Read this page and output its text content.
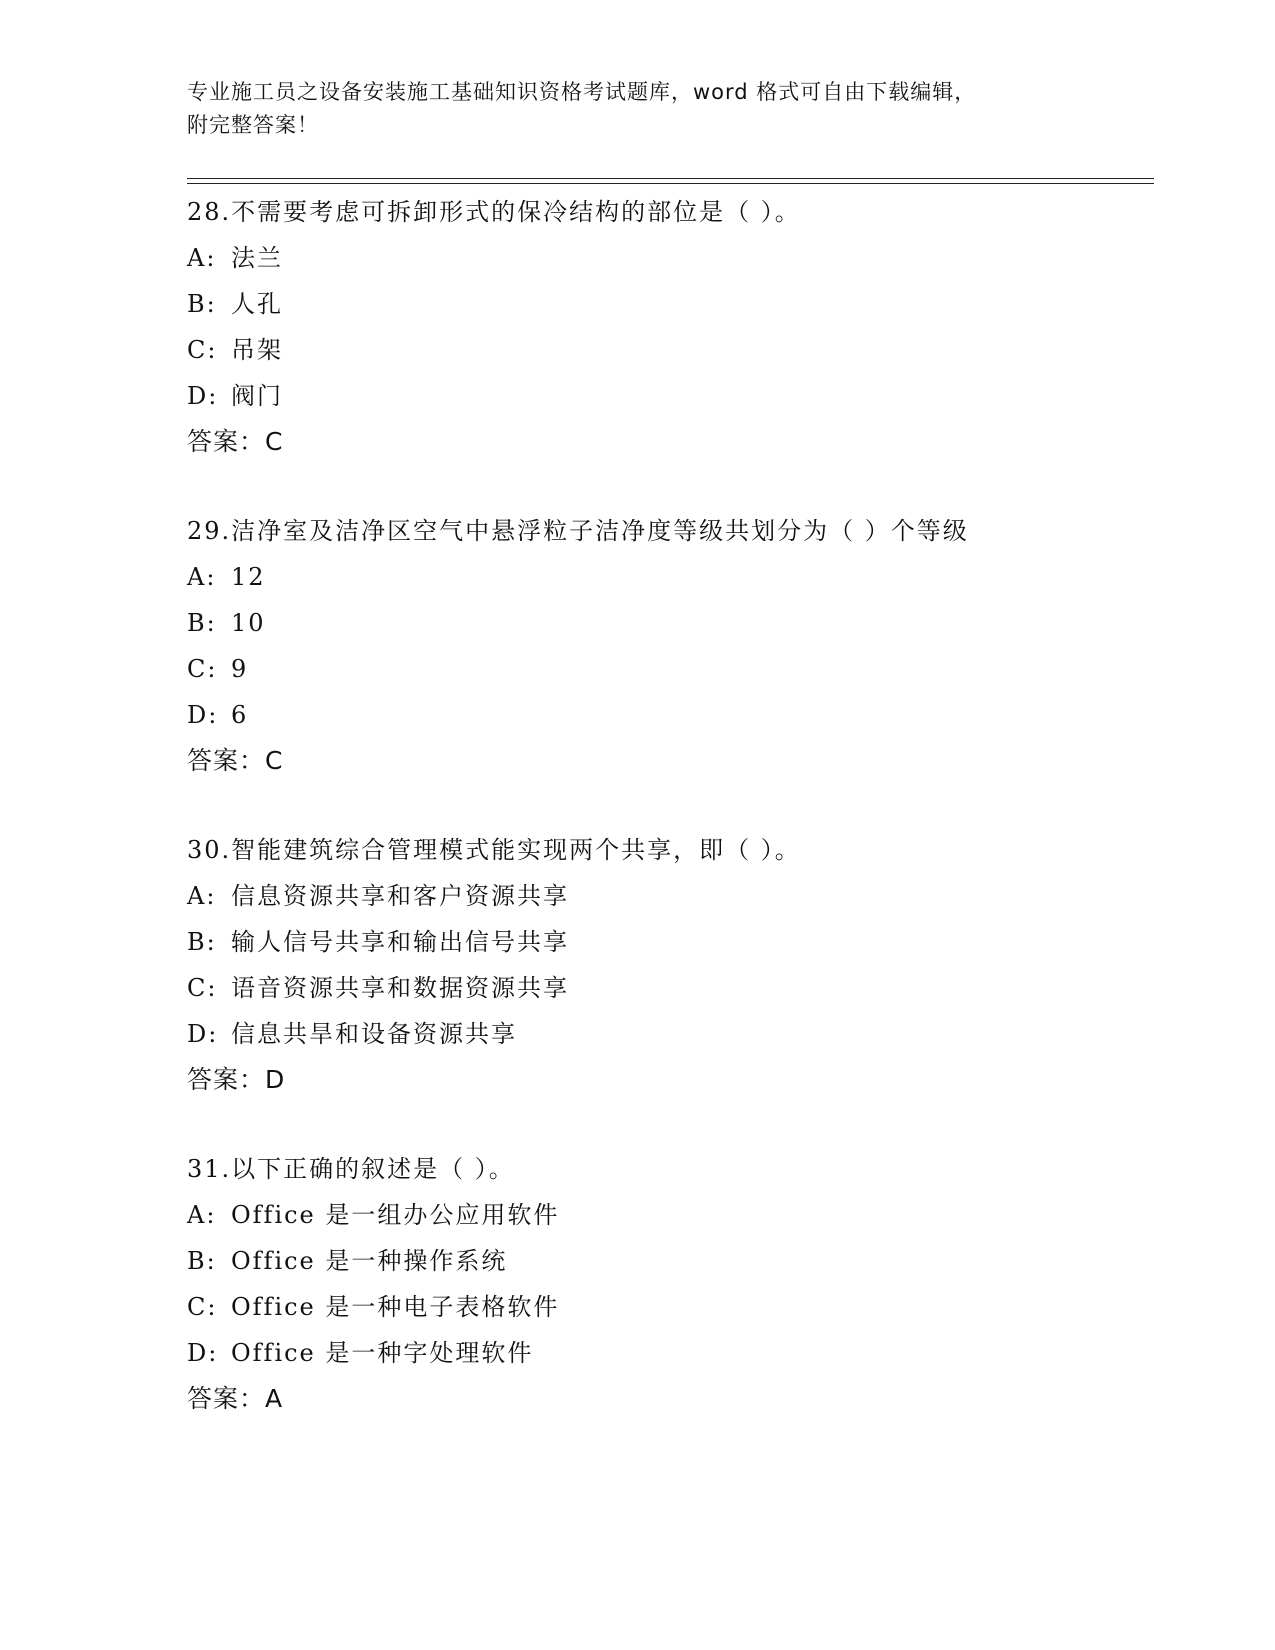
专业施工员之设备安装施工基础知识资格考试题库，word 格式可自由下载编辑，
附完整答案！
28.不需要考虑可拆卸形式的保冷结构的部位是（ ）。
A: 法兰
B: 人孔
C: 吊架
D: 阀门
答案：C
29.洁净室及洁净区空气中悬浮粒子洁净度等级共划分为（ ）个等级
A: 12
B: 10
C: 9
D: 6
答案：C
30.智能建筑综合管理模式能实现两个共享，即（ ）。
A: 信息资源共享和客户资源共享
B: 输人信号共享和输出信号共享
C: 语音资源共享和数据资源共享
D: 信息共旱和设备资源共享
答案：D
31.以下正确的叙述是（ ）。
A: Office 是一组办公应用软件
B: Office 是一种操作系统
C: Office 是一种电子表格软件
D: Office 是一种字处理软件
答案：A
